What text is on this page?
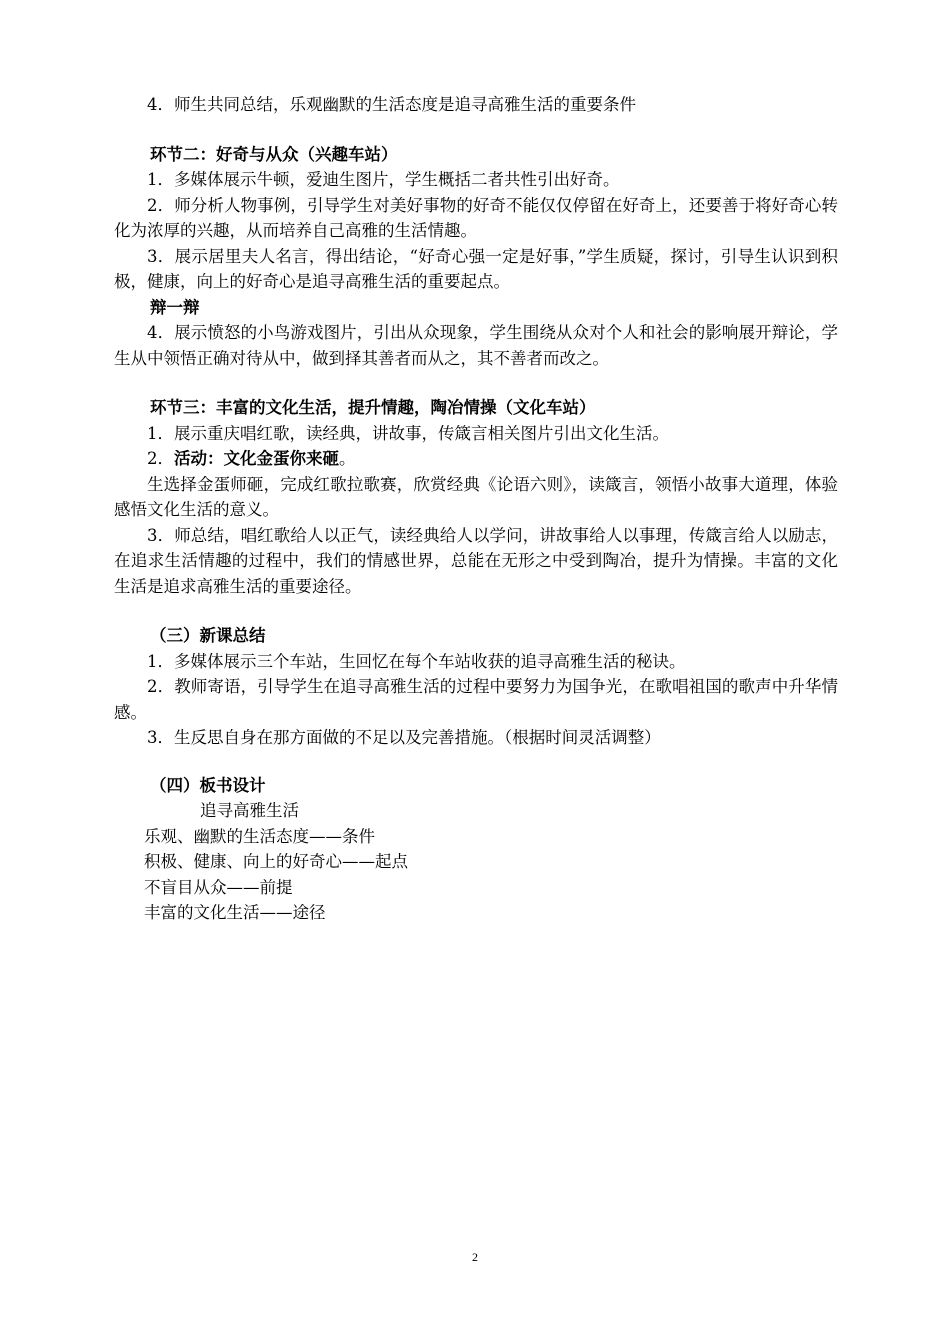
4．师生共同总结，乐观幽默的生活态度是追寻高雅生活的重要条件

环节二：好奇与从众（兴趣车站）

1．多媒体展示牛顿，爱迪生图片，学生概括二者共性引出好奇。

2．师分析人物事例，引导学生对美好事物的好奇不能仅仅停留在好奇上，还要善于将好奇心转化为浓厚的兴趣，从而培养自己高雅的生活情趣。

3．展示居里夫人名言，得出结论，“好奇心强一定是好事，”学生质疑，探讨，引导生认识到积极，健康，向上的好奇心是追寻高雅生活的重要起点。

辩一辩

4．展示愤怒的小鸟游戏图片，引出从众现象，学生围绕从众对个人和社会的影响展开辩论，学生从中领悟正确对待从中，做到择其善者而从之，其不善者而改之。

环节三：丰富的文化生活，提升情趣，陶冶情操（文化车站）

1．展示重庆唱红歌，读经典，讲故事，传箴言相关图片引出文化生活。

2．活动：文化金蛋你来砸。

生选择金蛋师砸，完成红歌拉歌赛，欣赏经典《论语六则》，读箴言，领悟小故事大道理，体验感悟文化生活的意义。

3．师总结，唱红歌给人以正气，读经典给人以学问，讲故事给人以事理，传箴言给人以励志，在追求生活情趣的过程中，我们的情感世界，总能在无形之中受到陶冶，提升为情操。丰富的文化生活是追求高雅生活的重要途径。

（三）新课总结

1．多媒体展示三个车站，生回忆在每个车站收获的追寻高雅生活的秘诀。

2．教师寄语，引导学生在追寻高雅生活的过程中要努力为国争光，在歌唱祖国的歌声中升华情感。

3．生反思自身在那方面做的不足以及完善措施。（根据时间灵活调整）

（四）板书设计

追寻高雅生活

乐观、幽默的生活态度——条件

积极、健康、向上的好奇心——起点

不盲目从众——前提

丰富的文化生活——途径

2
